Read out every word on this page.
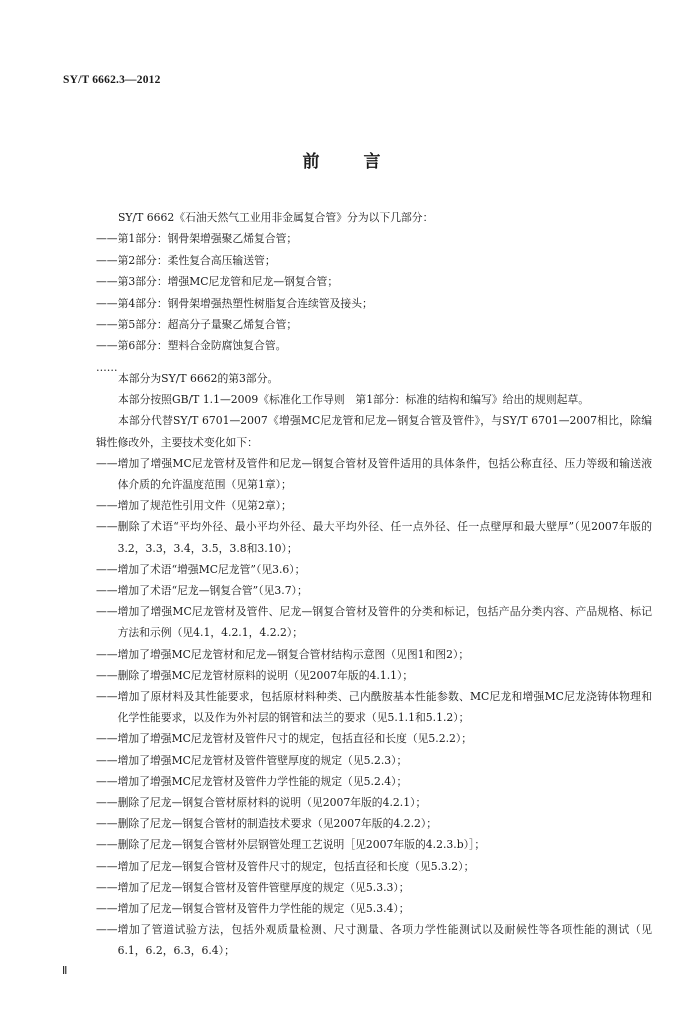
SY/T 6662.3—2012
前言
SY/T 6662《石油天然气工业用非金属复合管》分为以下几部分：
——第1部分：钢骨架增强聚乙烯复合管；
——第2部分：柔性复合高压输送管；
——第3部分：增强MC尼龙管和尼龙—钢复合管；
——第4部分：钢骨架增强热塑性树脂复合连续管及接头；
——第5部分：超高分子量聚乙烯复合管；
——第6部分：塑料合金防腐蚀复合管。
……

本部分为SY/T 6662的第3部分。

本部分按照GB/T 1.1—2009《标准化工作导则　第1部分：标准的结构和编写》给出的规则起草。

本部分代替SY/T 6701—2007《增强MC尼龙管和尼龙—钢复合管及管件》，与SY/T 6701—2007相比，除编辑性修改外，主要技术变化如下：

—— 增加了增强MC尼龙管材及管件和尼龙—钢复合管材及管件适用的具体条件，包括公称直径、压力等级和输送液体介质的允许温度范围（见第1章）；
—— 增加了规范性引用文件（见第2章）；
—— 删除了术语“平均外径、最小平均外径、最大平均外径、任一点外径、任一点壁厚和最大壁厚”（见2007年版的3.2，3.3，3.4，3.5，3.8和3.10）；
—— 增加了术语“增强MC尼龙管”（见3.6）；
—— 增加了术语“尼龙—钢复合管”（见3.7）；
—— 增加了增强MC尼龙管材及管件、尼龙—钢复合管材及管件的分类和标记，包括产品分类内容、产品规格、标记方法和示例（见4.1，4.2.1，4.2.2）；
—— 增加了增强MC尼龙管材和尼龙—钢复合管材结构示意图（见图1和图2）；
—— 删除了增强MC尼龙管材原料的说明（见2007年版的4.1.1）；
—— 增加了原材料及其性能要求，包括原材料种类、己内酰胺基本性能参数、MC尼龙和增强MC尼龙浇铸体物理和化学性能要求，以及作为外衬层的钢管和法兰的要求（见5.1.1和5.1.2）；
—— 增加了增强MC尼龙管材及管件尺寸的规定，包括直径和长度（见5.2.2）；
—— 增加了增强MC尼龙管材及管件管壁厚度的规定（见5.2.3）；
—— 增加了增强MC尼龙管材及管件力学性能的规定（见5.2.4）；
—— 删除了尼龙—钢复合管材原材料的说明（见2007年版的4.2.1）；
—— 删除了尼龙—钢复合管材的制造技术要求（见2007年版的4.2.2）；
—— 删除了尼龙—钢复合管材外层钢管处理工艺说明［见2007年版的4.2.3.b）］；
—— 增加了尼龙—钢复合管材及管件尺寸的规定，包括直径和长度（见5.3.2）；
—— 增加了尼龙—钢复合管材及管件管壁厚度的规定（见5.3.3）；
—— 增加了尼龙—钢复合管材及管件力学性能的规定（见5.3.4）；
—— 增加了管道试验方法，包括外观质量检测、尺寸测量、各项力学性能测试以及耐候性等各项性能的测试（见6.1，6.2，6.3，6.4）；
Ⅱ
